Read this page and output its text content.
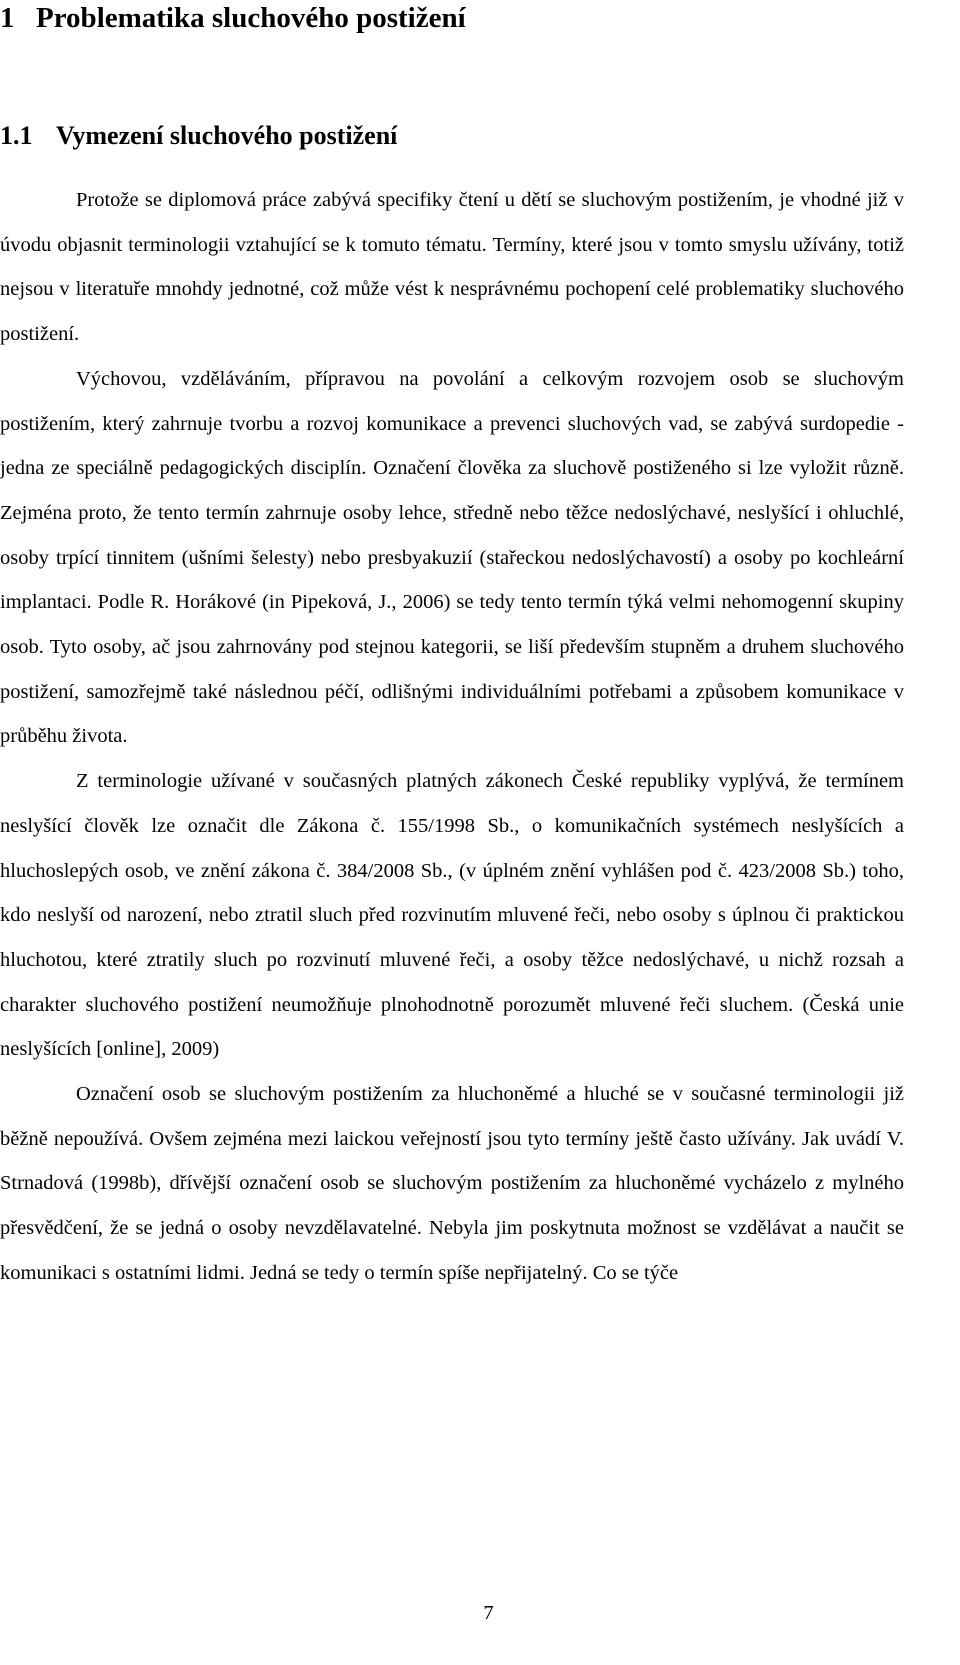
1 Problematika sluchového postižení
1.1 Vymezení sluchového postižení

Protože se diplomová práce zabývá specifiky čtení u dětí se sluchovým postižením, je vhodné již v úvodu objasnit terminologii vztahující se k tomuto tématu. Termíny, které jsou v tomto smyslu užívány, totiž nejsou v literatuře mnohdy jednotné, což může vést k nesprávnému pochopení celé problematiky sluchového postižení.

Výchovou, vzděláváním, přípravou na povolání a celkovým rozvojem osob se sluchovým postižením, který zahrnuje tvorbu a rozvoj komunikace a prevenci sluchových vad, se zabývá surdopedie - jedna ze speciálně pedagogických disciplín. Označení člověka za sluchově postiženého si lze vyložit různě. Zejména proto, že tento termín zahrnuje osoby lehce, středně nebo těžce nedoslýchavé, neslyšící i ohluchlé, osoby trpící tinnitem (ušními šelesty) nebo presbyakuzií (stařeckou nedoslýchavostí) a osoby po kochleární implantaci. Podle R. Horákové (in Pipeková, J., 2006) se tedy tento termín týká velmi nehomogenní skupiny osob. Tyto osoby, ač jsou zahrnovány pod stejnou kategorii, se liší především stupněm a druhem sluchového postižení, samozřejmě také následnou péčí, odlišnými individuálními potřebami a způsobem komunikace v průběhu života.

Z terminologie užívané v současných platných zákonech České republiky vyplývá, že termínem neslyšící člověk lze označit dle Zákona č. 155/1998 Sb., o komunikačních systémech neslyšících a hluchoslepých osob, ve znění zákona č. 384/2008 Sb., (v úplném znění vyhlášen pod č. 423/2008 Sb.) toho, kdo neslyší od narození, nebo ztratil sluch před rozvinutím mluvené řeči, nebo osoby s úplnou či praktickou hluchotou, které ztratily sluch po rozvinutí mluvené řeči, a osoby těžce nedoslýchavé, u nichž rozsah a charakter sluchového postižení neumožňuje plnohodnotně porozumět mluvené řeči sluchem. (Česká unie neslyšících [online], 2009)

Označení osob se sluchovým postižením za hluchoněmé a hluché se v současné terminologii již běžně nepoužívá. Ovšem zejména mezi laickou veřejností jsou tyto termíny ještě často užívány. Jak uvádí V. Strnadová (1998b), dřívější označení osob se sluchovým postižením za hluchoněmé vycházelo z mylného přesvědčení, že se jedná o osoby nevzdělavatelné. Nebyla jim poskytnuta možnost se vzdělávat a naučit se komunikaci s ostatními lidmi. Jedná se tedy o termín spíše nepřijatelný. Co se týče

7
